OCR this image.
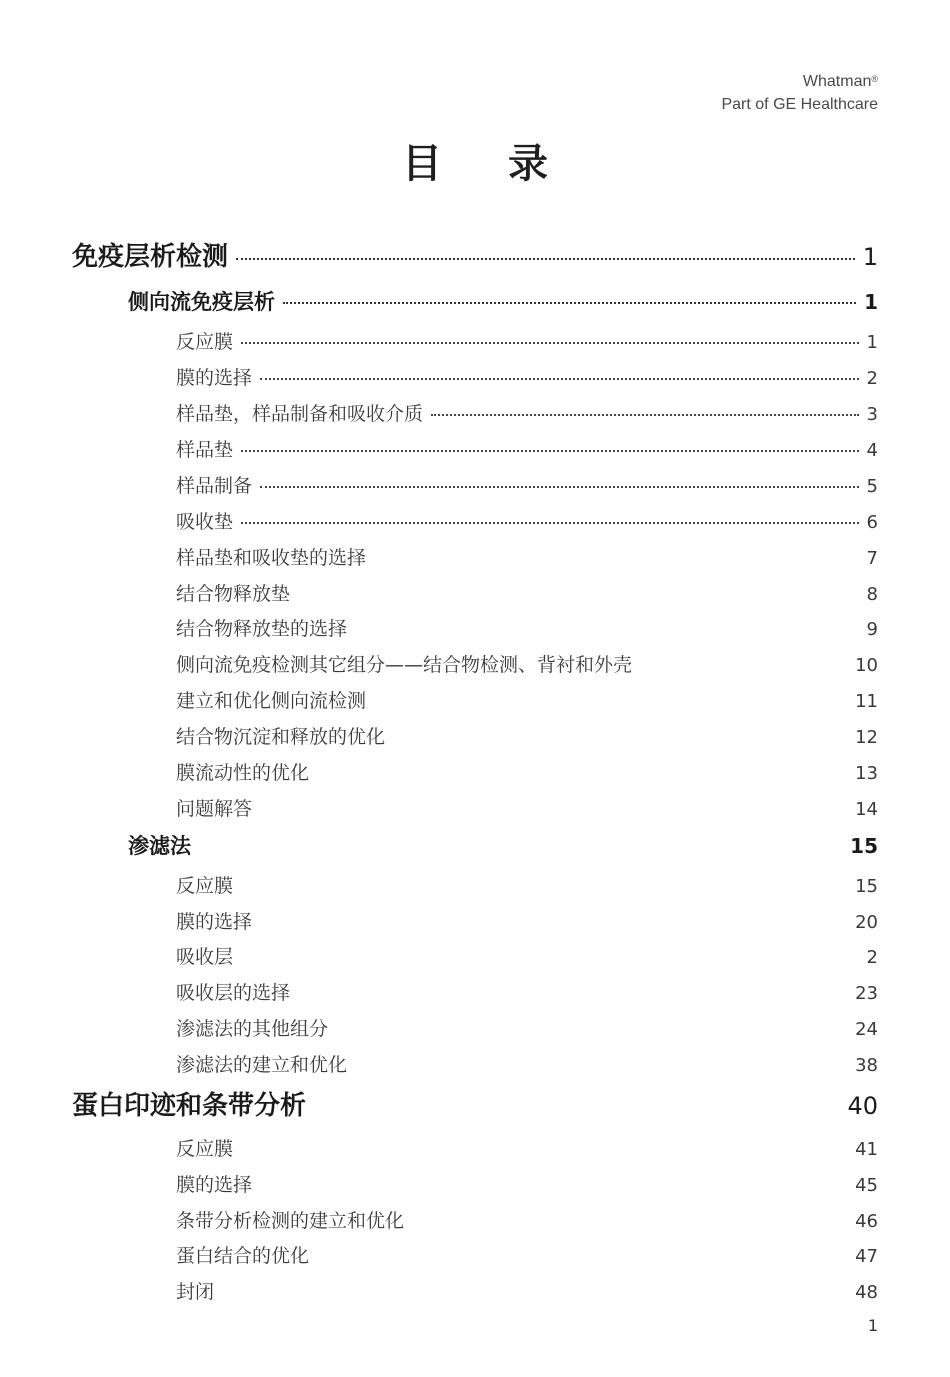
Whatman®
Part of GE Healthcare
目 录
免疫层析检测	1
侧向流免疫层析	1
反应膜	1
膜的选择	2
样品垫，样品制备和吸收介质	3
样品垫	4
样品制备	5
吸收垫	6
样品垫和吸收垫的选择	7
结合物释放垫	8
结合物释放垫的选择	9
侧向流免疫检测其它组分——结合物检测、背衬和外壳	10
建立和优化侧向流检测	11
结合物沉淀和释放的优化	12
膜流动性的优化	13
问题解答	14
渗滤法	15
反应膜	15
膜的选择	20
吸收层	2
吸收层的选择	23
渗滤法的其他组分	24
渗滤法的建立和优化	38
蛋白印迹和条带分析	40
反应膜	41
膜的选择	45
条带分析检测的建立和优化	46
蛋白结合的优化	47
封闭	48
1
